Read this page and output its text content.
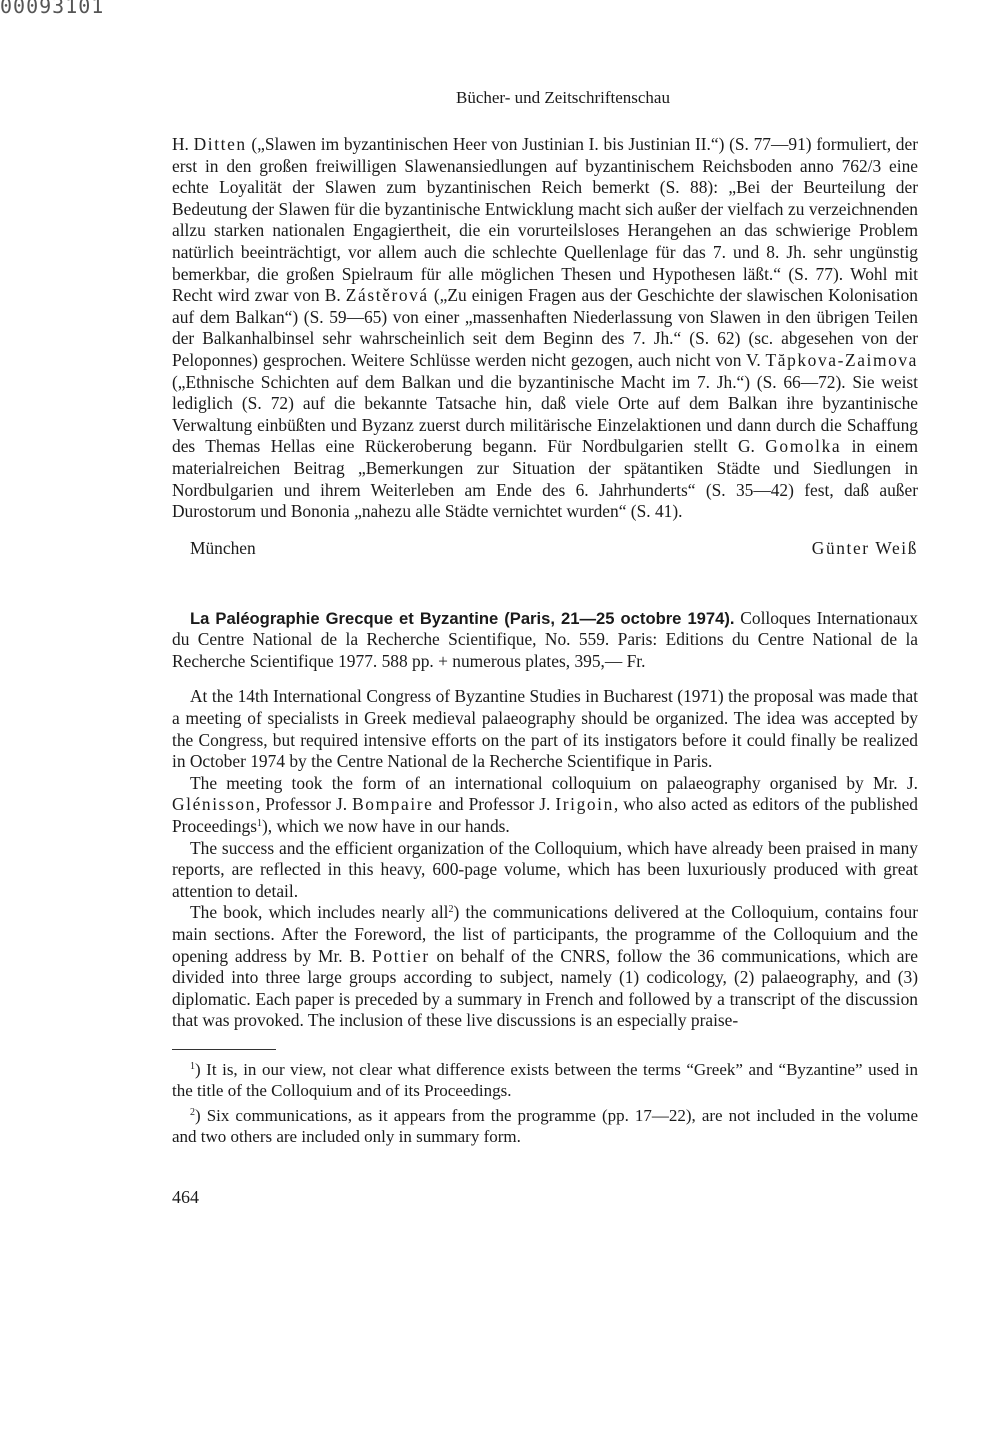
00093101
Bücher- und Zeitschriftenschau

H. Ditten („Slawen im byzantinischen Heer von Justinian I. bis Justinian II.“) (S. 77—91) formuliert, der erst in den großen freiwilligen Slawenansiedlungen auf byzantinischem Reichsboden anno 762/3 eine echte Loyalität der Slawen zum byzantinischen Reich bemerkt (S. 88): „Bei der Beurteilung der Bedeutung der Slawen für die byzantinische Entwicklung macht sich außer der vielfach zu verzeichnenden allzu starken nationalen Engagiertheit, die ein vorurteilsloses Herangehen an das schwierige Problem natürlich beeinträchtigt, vor allem auch die schlechte Quellenlage für das 7. und 8. Jh. sehr ungünstig bemerkbar, die großen Spielraum für alle möglichen Thesen und Hypothesen läßt.“ (S. 77). Wohl mit Recht wird zwar von B. Zástěrová („Zu einigen Fragen aus der Geschichte der slawischen Kolonisation auf dem Balkan“) (S. 59—65) von einer „massenhaften Niederlassung von Slawen in den übrigen Teilen der Balkanhalbinsel sehr wahrscheinlich seit dem Beginn des 7. Jh.“ (S. 62) (sc. abgesehen von der Peloponnes) gesprochen. Weitere Schlüsse werden nicht gezogen, auch nicht von V. Tăpkova-Zaimova („Ethnische Schichten auf dem Balkan und die byzantinische Macht im 7. Jh.“) (S. 66—72). Sie weist lediglich (S. 72) auf die bekannte Tatsache hin, daß viele Orte auf dem Balkan ihre byzantinische Verwaltung einbüßten und Byzanz zuerst durch militärische Einzelaktionen und dann durch die Schaffung des Themas Hellas eine Rückeroberung begann. Für Nordbulgarien stellt G. Gomolka in einem materialreichen Beitrag „Bemerkungen zur Situation der spätantiken Städte und Siedlungen in Nordbulgarien und ihrem Weiterleben am Ende des 6. Jahrhunderts“ (S. 35—42) fest, daß außer Durostorum und Bononia „nahezu alle Städte vernichtet wurden“ (S. 41).

München	Günter Weiß

La Paléographie Grecque et Byzantine (Paris, 21—25 octobre 1974). Colloques Internationaux du Centre National de la Recherche Scientifique, No. 559. Paris: Editions du Centre National de la Recherche Scientifique 1977. 588 pp. + numerous plates, 395,— Fr.

At the 14th International Congress of Byzantine Studies in Bucharest (1971) the proposal was made that a meeting of specialists in Greek medieval palaeography should be organized. The idea was accepted by the Congress, but required intensive efforts on the part of its instigators before it could finally be realized in October 1974 by the Centre National de la Recherche Scientifique in Paris.

The meeting took the form of an international colloquium on palaeography organised by Mr. J. Glénisson, Professor J. Bompaire and Professor J. Irigoin, who also acted as editors of the published Proceedings$^1$), which we now have in our hands.

The success and the efficient organization of the Colloquium, which have already been praised in many reports, are reflected in this heavy, 600-page volume, which has been luxuriously produced with great attention to detail.

The book, which includes nearly all$^2$) the communications delivered at the Colloquium, contains four main sections. After the Foreword, the list of participants, the programme of the Colloquium and the opening address by Mr. B. Pottier on behalf of the CNRS, follow the 36 communications, which are divided into three large groups according to subject, namely (1) codicology, (2) palaeography, and (3) diplomatic. Each paper is preceded by a summary in French and followed by a transcript of the discussion that was provoked. The inclusion of these live discussions is an especially praise-

$^1$) It is, in our view, not clear what difference exists between the terms “Greek” and “Byzantine” used in the title of the Colloquium and of its Proceedings.

$^2$) Six communications, as it appears from the programme (pp. 17—22), are not included in the volume and two others are included only in summary form.

464
